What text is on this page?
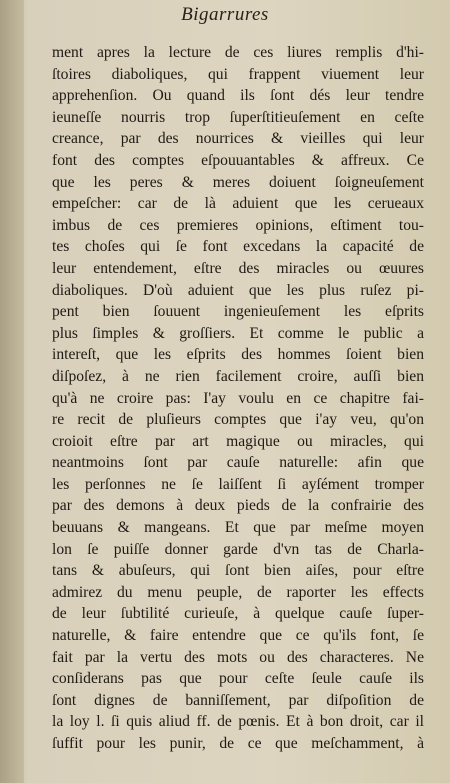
Bigarrures
ment apres la lecture de ces liures remplis d'hi-
ſtoires diaboliques, qui frappent viuement leur
apprehenſion. Ou quand ils ſont dés leur tendre
ieuneſſe nourris trop ſuperſtitieuſement en ceſte
creance, par des nourrices & vieilles qui leur
font des comptes eſpouuantables & affreux. Ce
que les peres & meres doiuent ſoigneuſement
empeſcher: car de là aduient que les cerueaux
imbus de ces premieres opinions, eſtiment tou-
tes choſes qui ſe font excedans la capacité de
leur entendement, eſtre des miracles ou œuures
diaboliques. D'où aduient que les plus ruſez pi-
pent bien ſouuent ingenieuſement les eſprits
plus ſimples & groſſiers. Et comme le public a
intereſt, que les eſprits des hommes ſoient bien
diſpoſez, à ne rien facilement croire, auſſi bien
qu'à ne croire pas: I'ay voulu en ce chapitre fai-
re recit de pluſieurs comptes que i'ay veu, qu'on
croioit eſtre par art magique ou miracles, qui
neantmoins ſont par cauſe naturelle: afin que
les perſonnes ne ſe laiſſent ſi ayſément tromper
par des demons à deux pieds de la confrairie des
beuuans & mangeans. Et que par meſme moyen
lon ſe puiſſe donner garde d'vn tas de Charla-
tans & abuſeurs, qui ſont bien aiſes, pour eſtre
admirez du menu peuple, de raporter les effects
de leur ſubtilité curieuſe, à quelque cauſe ſuper-
naturelle, & faire entendre que ce qu'ils font, ſe
fait par la vertu des mots ou des characteres. Ne
conſiderans pas que pour ceſte ſeule cauſe ils
ſont dignes de banniſſement, par diſpoſition de
la loy l. ſi quis aliud ff. de pœnis. Et à bon droit, car il
ſuffit pour les punir, de ce que meſchamment, à
